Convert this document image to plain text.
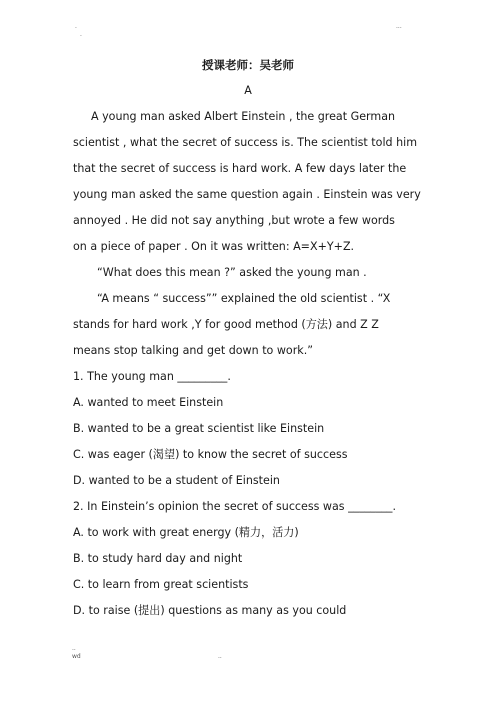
.
.
...
授课老师：吴老师
A
A young man asked Albert Einstein , the great German
scientist , what the secret of success is. The scientist told him
that the secret of success is hard work. A few days later the
young man asked the same question again . Einstein was very
annoyed . He did not say anything ,but wrote a few words
on a piece of paper . On it was written: A=X+Y+Z.
“What does this mean ?” asked the young man .
“A means “ success”” explained the old scientist . “X
stands for hard work ,Y for good method (方法) and Z Z
means stop talking and get down to work.”
1. The young man _________.
A. wanted to meet Einstein
B. wanted to be a great scientist like Einstein
C. was eager (渴望) to know the secret of success
D. wanted to be a student of Einstein
2. In Einstein’s opinion the secret of success was ________.
A. to work with great energy (精力，活力)
B. to study hard day and night
C. to learn from great scientists
D. to raise (提出) questions as many as you could
..
wd	..
